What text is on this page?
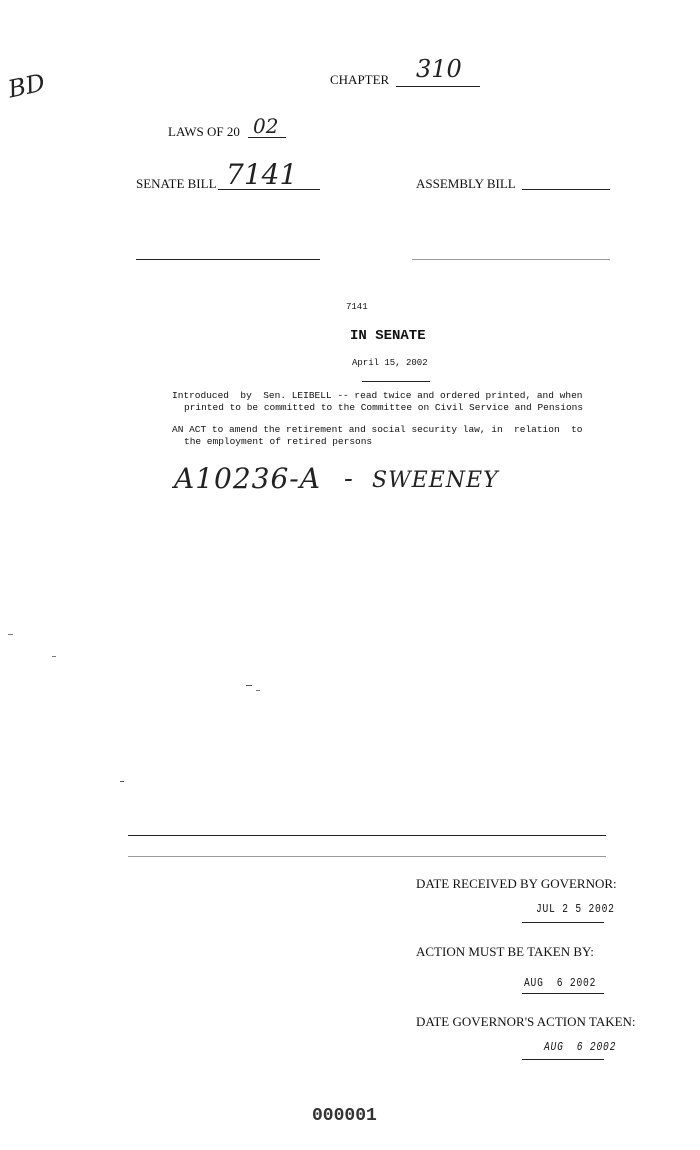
BD	CHAPTER 310
LAWS OF 20 02
SENATE BILL 7141	ASSEMBLY BILL
7141
IN SENATE
April 15, 2002
Introduced  by  Sen. LEIBELL -- read twice and ordered printed, and when
printed to be committed to the Committee on Civil Service and Pensions
AN ACT to amend the retirement and social security law, in  relation  to
the employment of retired persons
A10236-A - SWEENEY
DATE RECEIVED BY GOVERNOR:
JUL 2 5 2002
ACTION MUST BE TAKEN BY:
AUG  6 2002
DATE GOVERNOR'S ACTION TAKEN:
AUG  6 2002
000001
